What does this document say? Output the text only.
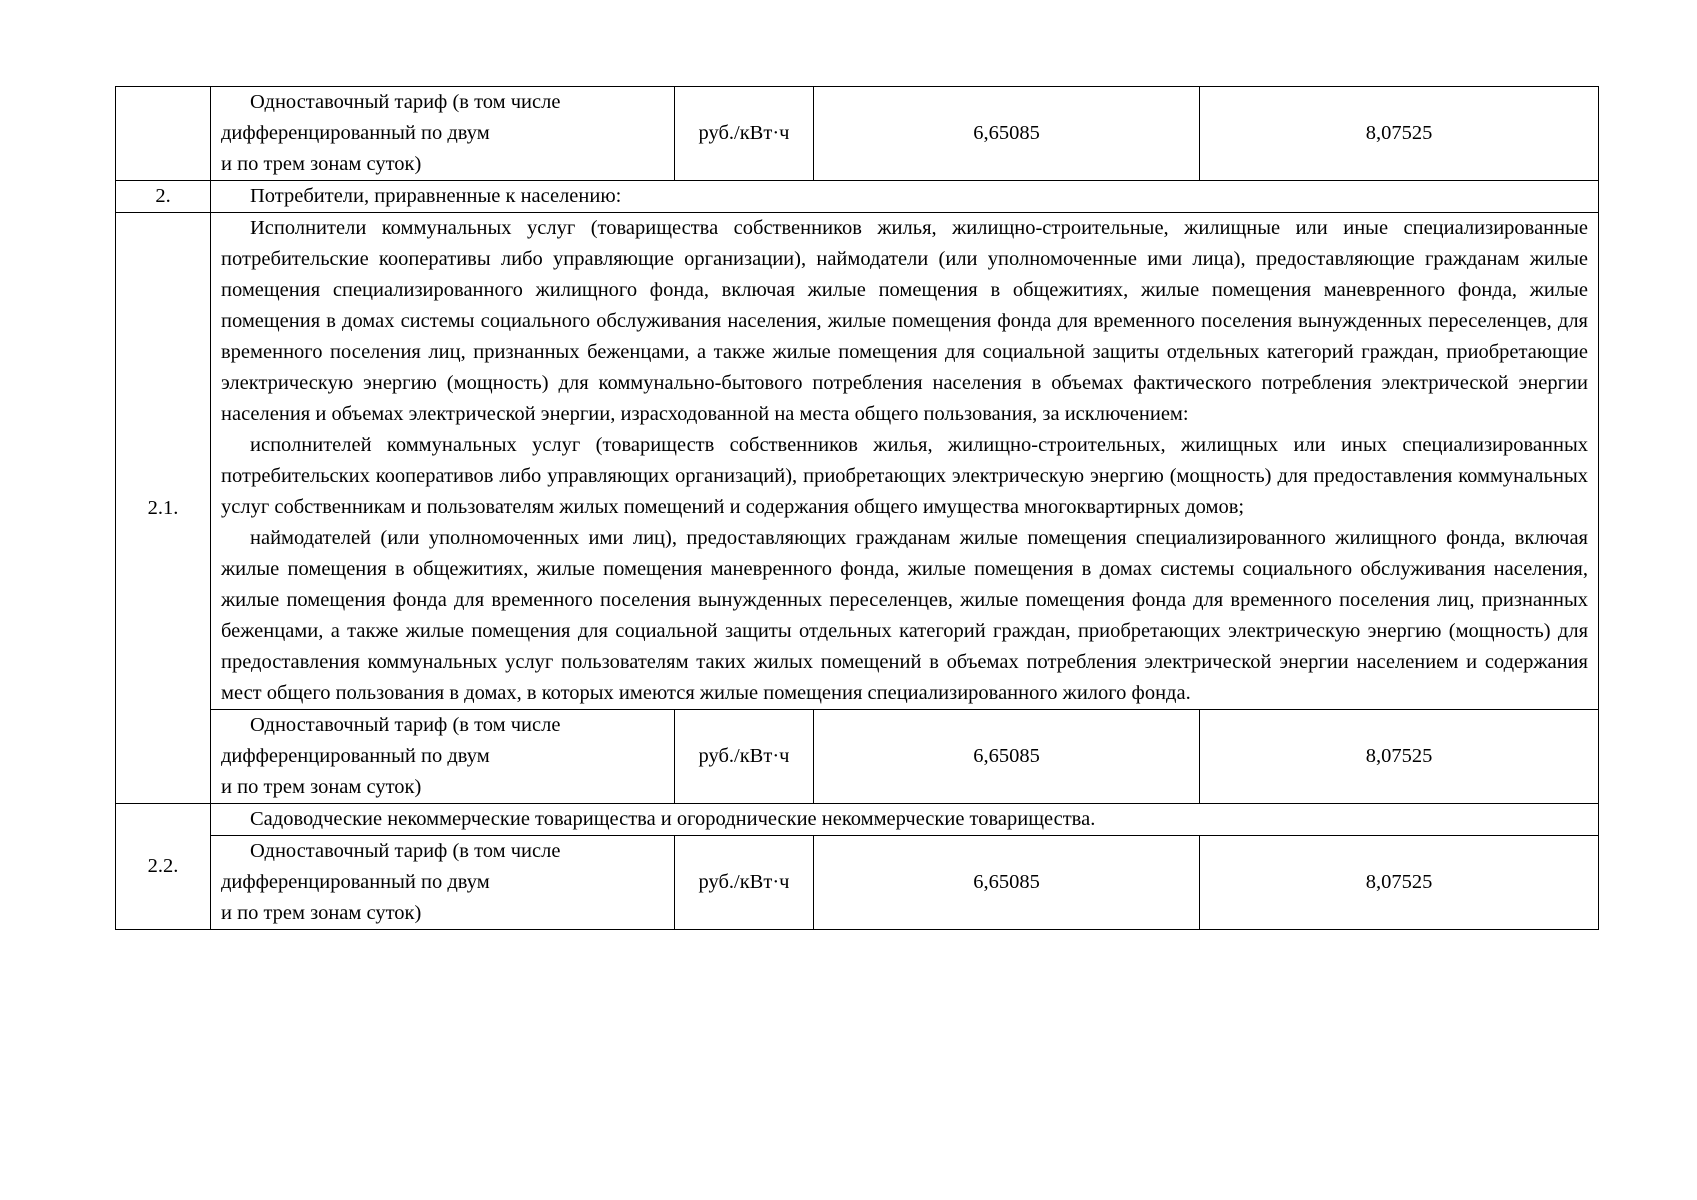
	Одноставочный тариф (в том числе
дифференцированный по двум
и по трем зонам суток)	руб./кВт·ч	6,65085	8,07525
2.	Потребители, приравненные к населению:			
2.1.	Исполнители коммунальных услуг (товарищества собственников жилья, жилищно-строительные, жилищные или иные специализированные потребительские кооперативы либо управляющие организации), наймодатели (или уполномоченные ими лица), предоставляющие гражданам жилые помещения специализированного жилищного фонда, включая жилые помещения в общежитиях, жилые помещения маневренного фонда, жилые помещения в домах системы социального обслуживания населения, жилые помещения фонда для временного поселения вынужденных переселенцев, для временного поселения лиц, признанных беженцами, а также жилые помещения для социальной защиты отдельных категорий граждан, приобретающие электрическую энергию (мощность) для коммунально-бытового потребления населения в объемах фактического потребления электрической энергии населения и объемах электрической энергии, израсходованной на места общего пользования, за исключением:

исполнителей коммунальных услуг (товариществ собственников жилья, жилищно-строительных, жилищных или иных специализированных потребительских кооперативов либо управляющих организаций), приобретающих электрическую энергию (мощность) для предоставления коммунальных услуг собственникам и пользователям жилых помещений и содержания общего имущества многоквартирных домов;

наймодателей (или уполномоченных ими лиц), предоставляющих гражданам жилые помещения специализированного жилищного фонда, включая жилые помещения в общежитиях, жилые помещения маневренного фонда, жилые помещения в домах системы социального обслуживания населения, жилые помещения фонда для временного поселения вынужденных переселенцев, жилые помещения фонда для временного поселения лиц, признанных беженцами, а также жилые помещения для социальной защиты отдельных категорий граждан, приобретающих электрическую энергию (мощность) для предоставления коммунальных услуг пользователям таких жилых помещений в объемах потребления электрической энергии населением и содержания мест общего пользования в домах, в которых имеются жилые помещения специализированного жилого фонда.			

	Одноставочный тариф (в том числе
дифференцированный по двум
и по трем зонам суток)	руб./кВт·ч	6,65085	8,07525
2.2.	Садоводческие некоммерческие товарищества и огороднические некоммерческие товарищества.			

	Одноставочный тариф (в том числе
дифференцированный по двум
и по трем зонам суток)	руб./кВт·ч	6,65085	8,07525
